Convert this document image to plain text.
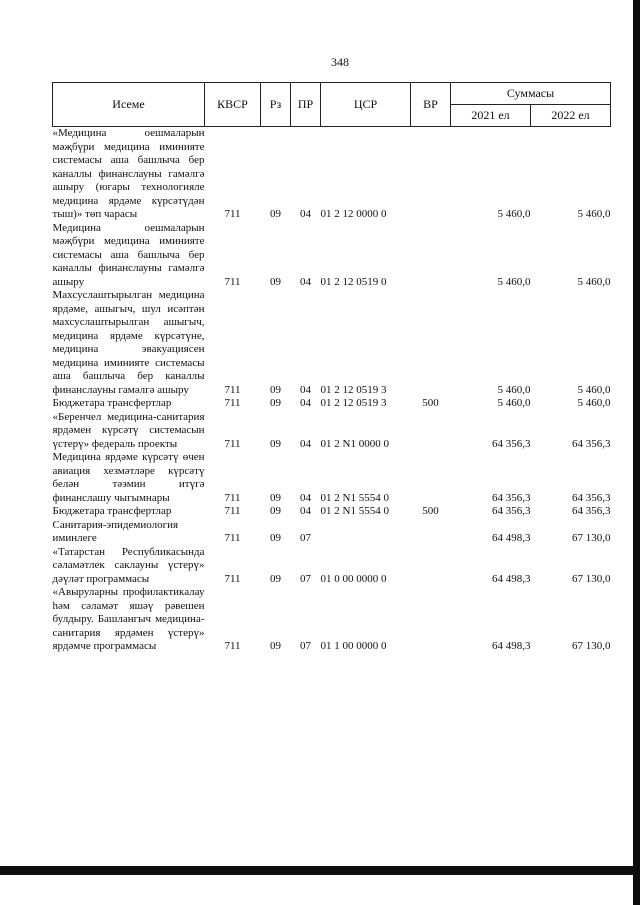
348
Исеме	КВСР	Рз	ПР	ЦСР	ВР	Суммасы	
						2021 ел	2022 ел
«Медицина оешмаларын мәҗбүри медицина иминияте системасы аша башлыча бер каналлы финанслауны гамәлгә ашыру (югары технологияле медицина ярдәме күрсәтүдән тыш)» төп чарасы	711	09	04	01 2 12 0000 0		5 460,0	5 460,0
Медицина оешмаларын мәҗбүри медицина иминияте системасы аша башлыча бер каналлы финанслауны гамәлгә ашыру	711	09	04	01 2 12 0519 0		5 460,0	5 460,0
Махсуслаштырылган медицина ярдәме, ашыгыч, шул исәптән махсуслаштырылган ашыгыч, медицина ярдәме күрсәтүне, медицина эвакуациясен медицина иминияте системасы аша башлыча бер каналлы финанслауны гамәлгә ашыру	711	09	04	01 2 12 0519 3		5 460,0	5 460,0
Бюджетара трансфертлар	711	09	04	01 2 12 0519 3	500	5 460,0	5 460,0
«Беренчел медицина-санитария ярдәмен күрсәтү системасын үстерү» федераль проекты	711	09	04	01 2 N1 0000 0		64 356,3	64 356,3
Медицина ярдәме күрсәтү өчен авиация хезмәтләре күрсәтү белән тәэмин итүгә финанслашу чыгымнары	711	09	04	01 2 N1 5554 0		64 356,3	64 356,3
Бюджетара трансфертлар	711	09	04	01 2 N1 5554 0	500	64 356,3	64 356,3
Санитария-эпидемиология иминлеге	711	09	07			64 498,3	67 130,0
«Татарстан Республикасында сәламәтлек саклауны үстерү» дәүләт программасы	711	09	07	01 0 00 0000 0		64 498,3	67 130,0
«Авыруларны профилактикалау һәм сәламәт яшәү рәвешен булдыру. Башлангыч медицина-санитария ярдәмен үстерү» ярдәмче программасы	711	09	07	01 1 00 0000 0		64 498,3	67 130,0
